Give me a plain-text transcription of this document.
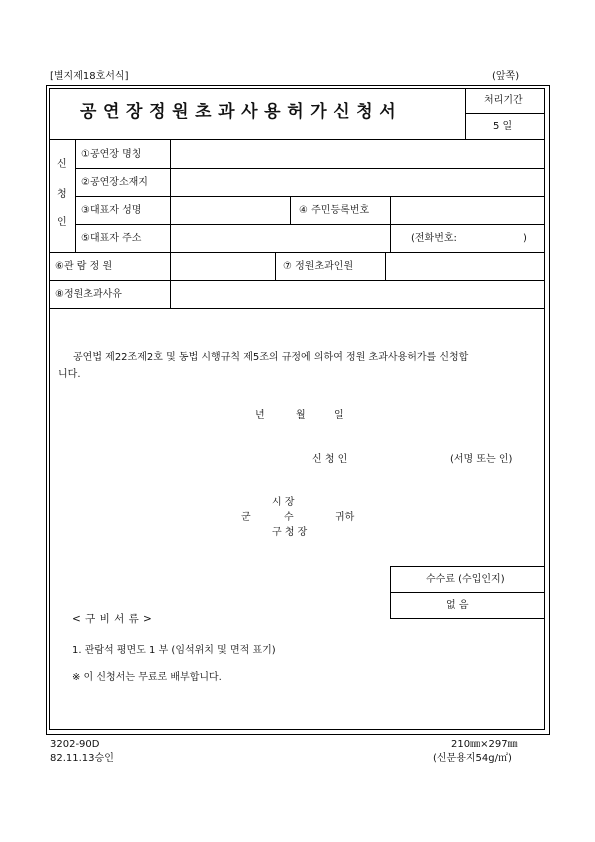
[별지제18호서식]	(앞쪽)
공연장정원초과사용허가신청서
처리기간
5 일
신
청
인
①공연장 명칭
②공연장소재지
③대표자 성명	④ 주민등록번호
⑤대표자 주소	(전화번호:	)
⑥관 람 정 원	⑦ 정원초과인원
⑧정원초과사유
공연법 제22조제2호 및 동법 시행규칙 제5조의 규정에 의하여 정원 초과사용허가를 신청합
니다.
년	월	일
신 청 인	(서명 또는 인)
시 장
군	수	귀하
구 청 장
수수료 (수입인지)
없 음
< 구 비 서 류 >
1. 관람석 평면도 1 부 (임석위치 및 면적 표기)
※ 이 신청서는 무료로 배부합니다.
3202-90D
82.11.13승인
210㎜×297㎜
(신문용지54g/㎡)
